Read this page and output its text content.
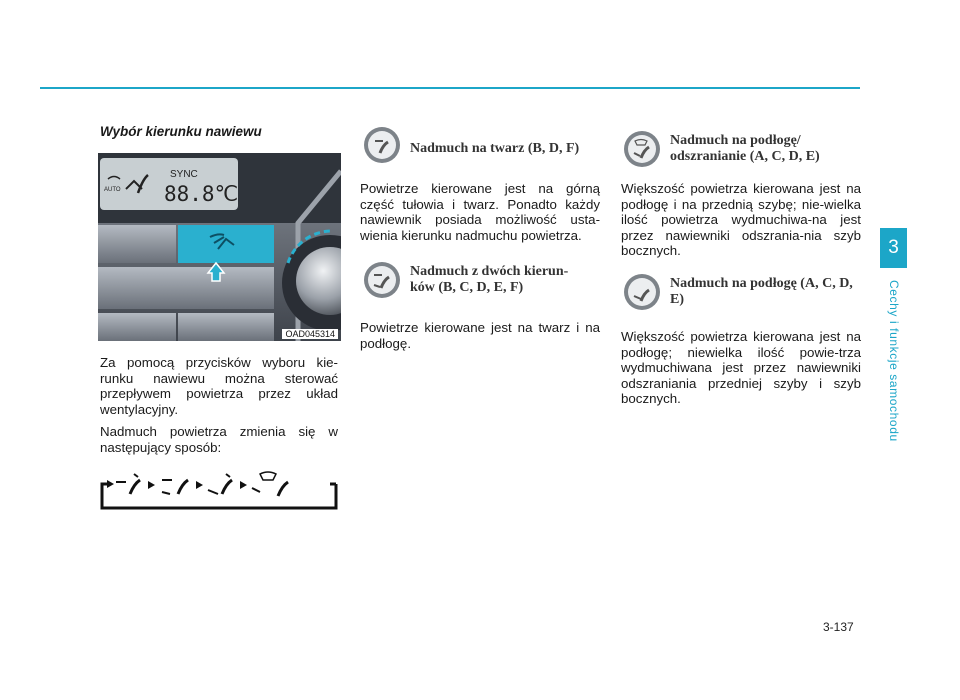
3
Cechy i funkcje samochodu
Wybór kierunku nawiewu
SYNC
88.8℃
AUTO
OAD045314

Za pomocą przycisków wyboru kie-runku nawiewu można sterować przepływem powietrza przez układ wentylacyjny.

Nadmuch powietrza zmienia się w następujący sposób:

Nadmuch na twarz (B, D, F)

Powietrze kierowane jest na górną część tułowia i twarz. Ponadto każdy nawiewnik posiada możliwość usta-wienia kierunku nadmuchu powietrza.

Nadmuch z dwóch kierun-ków (B, C, D, E, F)

Powietrze kierowane jest na twarz i na podłogę.

Nadmuch na podłogę/ odszranianie (A, C, D, E)

Większość powietrza kierowana jest na podłogę i na przednią szybę; nie-wielka ilość powietrza wydmuchiwa-na jest przez nawiewniki odszrania-nia szyb bocznych.

Nadmuch na podłogę (A, C, D, E)

Większość powietrza kierowana jest na podłogę; niewielka ilość powie-trza wydmuchiwana jest przez nawiewniki odszraniania przedniej szyby i szyb bocznych.

3-137
